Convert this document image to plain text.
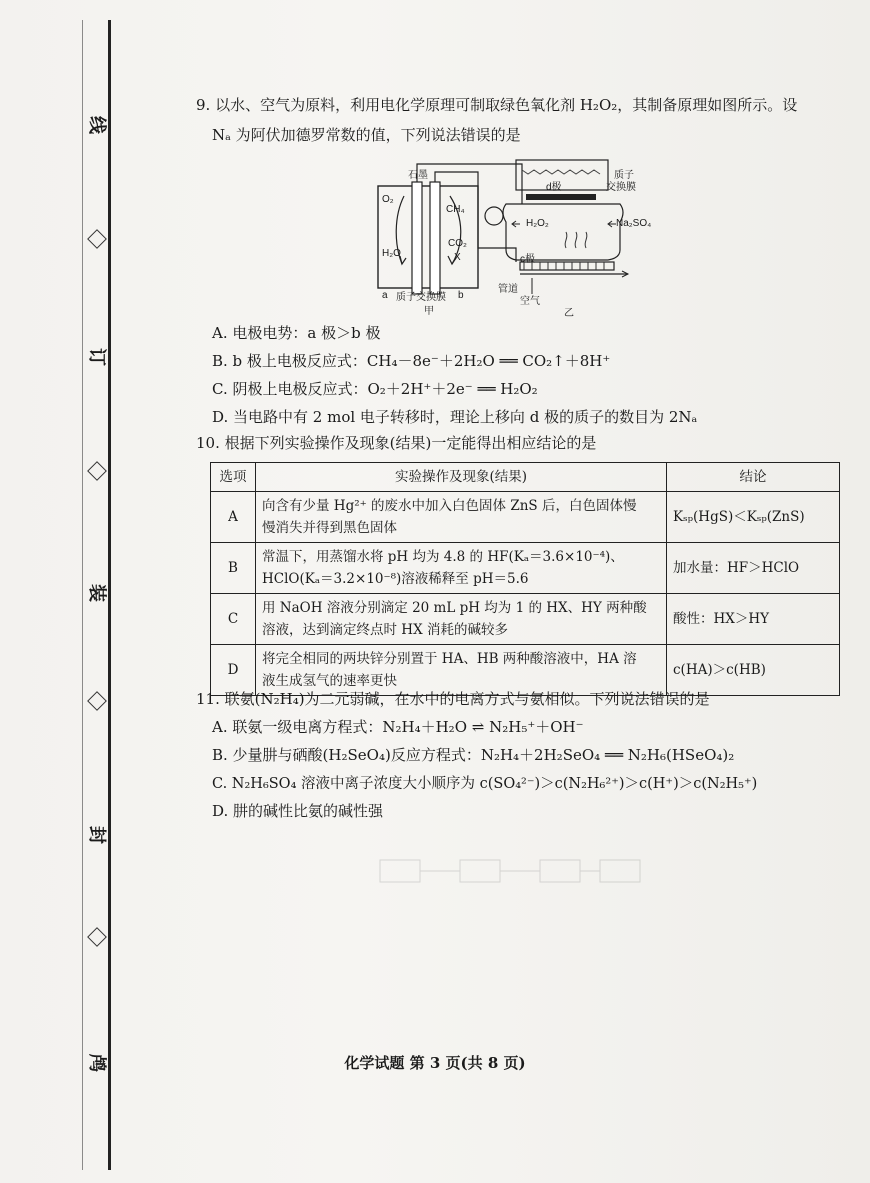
线
订
装
封
鸬
9. 以水、空气为原料，利用电化学原理可制取绿色氧化剂 H₂O₂，其制备原理如图所示。设
Nₐ 为阿伏加德罗常数的值，下列说法错误的是
O₂
H₂O
CH₄
CO₂
X
a	b
质子交换膜
甲
石墨
d极
质子
交换膜
H₂O₂	Na₂SO₄
c极
管道
空气
乙
A. 电极电势：a 极＞b 极
B. b 极上电极反应式：CH₄－8e⁻＋2H₂O ══ CO₂↑＋8H⁺
C. 阴极上电极反应式：O₂＋2H⁺＋2e⁻ ══ H₂O₂
D. 当电路中有 2 mol 电子转移时，理论上移向 d 极的质子的数目为 2Nₐ
10. 根据下列实验操作及现象(结果)一定能得出相应结论的是
选项	实验操作及现象(结果)	结论
A	向含有少量 Hg²⁺ 的废水中加入白色固体 ZnS 后，白色固体慢
慢消失并得到黑色固体	Kₛₚ(HgS)＜Kₛₚ(ZnS)
B	常温下，用蒸馏水将 pH 均为 4.8 的 HF(Kₐ＝3.6×10⁻⁴)、
HClO(Kₐ＝3.2×10⁻⁸)溶液稀释至 pH＝5.6	加水量：HF＞HClO
C	用 NaOH 溶液分别滴定 20 mL pH 均为 1 的 HX、HY 两种酸
溶液，达到滴定终点时 HX 消耗的碱较多	酸性：HX＞HY
D	将完全相同的两块锌分别置于 HA、HB 两种酸溶液中，HA 溶
液生成氢气的速率更快	c(HA)＞c(HB)
11. 联氨(N₂H₄)为二元弱碱，在水中的电离方式与氨相似。下列说法错误的是
A. 联氨一级电离方程式：N₂H₄＋H₂O ⇌ N₂H₅⁺＋OH⁻
B. 少量肼与硒酸(H₂SeO₄)反应方程式：N₂H₄＋2H₂SeO₄ ══ N₂H₆(HSeO₄)₂
C. N₂H₆SO₄ 溶液中离子浓度大小顺序为 c(SO₄²⁻)＞c(N₂H₆²⁺)＞c(H⁺)＞c(N₂H₅⁺)
D. 肼的碱性比氨的碱性强
化学试题 第 3 页(共 8 页)
